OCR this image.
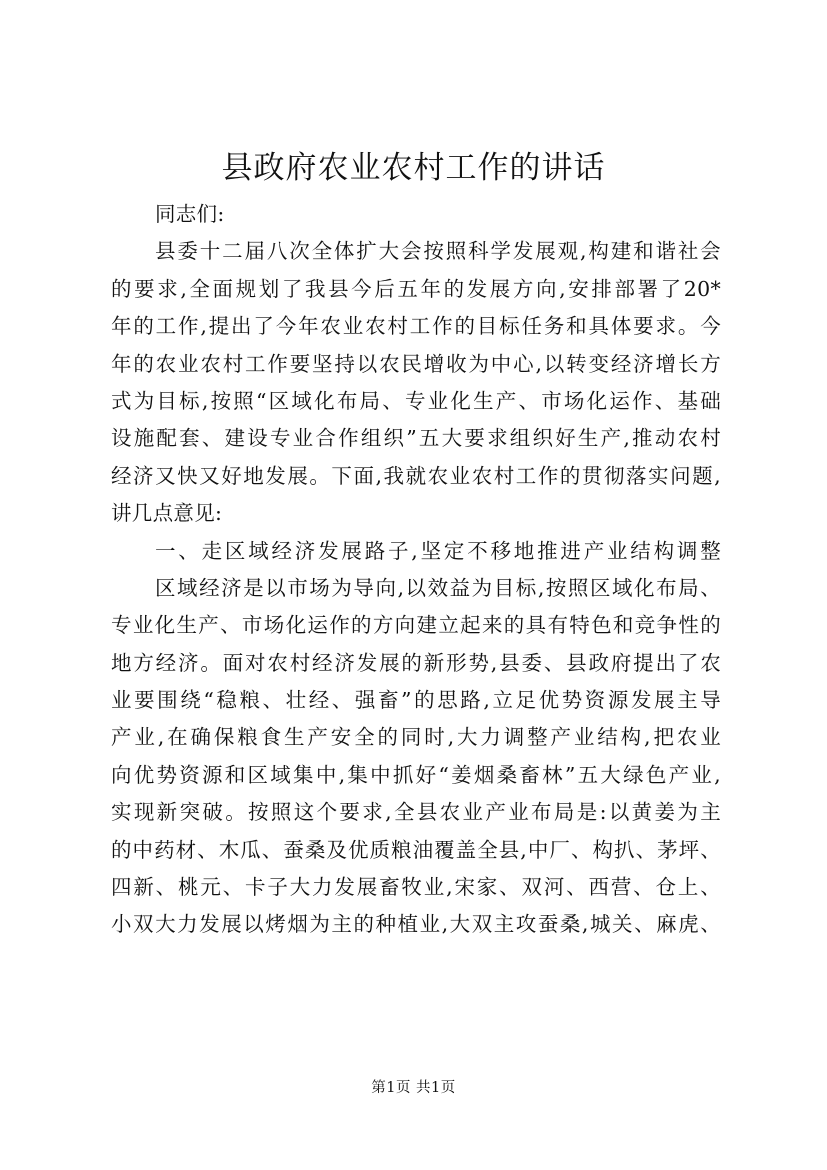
县政府农业农村工作的讲话
同志们:
县委十二届八次全体扩大会按照科学发展观,构建和谐社会
的要求,全面规划了我县今后五年的发展方向,安排部署了20*
年的工作,提出了今年农业农村工作的目标任务和具体要求。今
年的农业农村工作要坚持以农民增收为中心,以转变经济增长方
式为目标,按照“区域化布局、专业化生产、市场化运作、基础
设施配套、建设专业合作组织”五大要求组织好生产,推动农村
经济又快又好地发展。下面,我就农业农村工作的贯彻落实问题,
讲几点意见:
一、走区域经济发展路子,坚定不移地推进产业结构调整
区域经济是以市场为导向,以效益为目标,按照区域化布局、
专业化生产、市场化运作的方向建立起来的具有特色和竞争性的
地方经济。面对农村经济发展的新形势,县委、县政府提出了农
业要围绕“稳粮、壮经、强畜”的思路,立足优势资源发展主导
产业,在确保粮食生产安全的同时,大力调整产业结构,把农业
向优势资源和区域集中,集中抓好“姜烟桑畜林”五大绿色产业,
实现新突破。按照这个要求,全县农业产业布局是:以黄姜为主
的中药材、木瓜、蚕桑及优质粮油覆盖全县,中厂、构扒、茅坪、
四新、桃元、卡子大力发展畜牧业,宋家、双河、西营、仓上、
小双大力发展以烤烟为主的种植业,大双主攻蚕桑,城关、麻虎、
第1页 共1页
